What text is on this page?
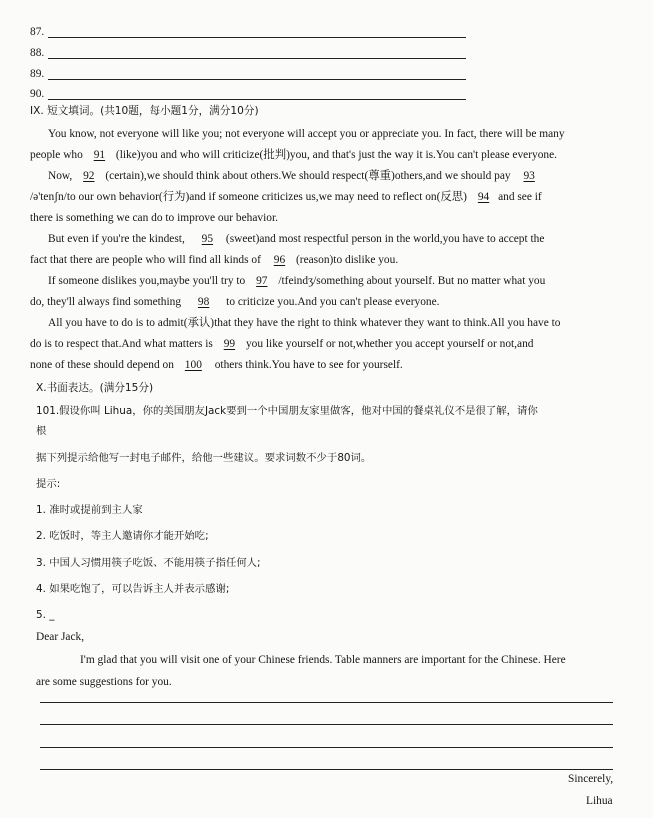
87.
88.
89.
90.
IX. 短文填词。(共10题，每小题1分，满分10分)
You know, not everyone will like you; not everyone will accept you or appreciate you. In fact, there will be many
people who 91 (like)you and who will criticize(批判)you, and that's just the way it is.You can't please everyone.
Now, 92 (certain),we should think about others.We should respect(尊重)others,and we should pay 93
/ə'tenʃn/to our own behavior(行为)and if someone criticizes us,we may need to reflect on(反思) 94 and see if
there is something we can do to improve our behavior.
But even if you're the kindest, 95 (sweet)and most respectful person in the world,you have to accept the
fact that there are people who will find all kinds of 96 (reason)to dislike you.
If someone dislikes you,maybe you'll try to 97 /tfeindʒ/something about yourself. But no matter what you
do, they'll always find something 98 to criticize you.And you can't please everyone.
All you have to do is to admit(承认)that they have the right to think whatever they want to think.All you have to
do is to respect that.And what matters is 99 you like yourself or not,whether you accept yourself or not,and
none of these should depend on 100 others think.You have to see for yourself.
X.书面表达。(满分15分)
101.假设你叫 Lihua，你的美国朋友Jack要到一个中国朋友家里做客，他对中国的餐桌礼仪不是很了解，请你
根
据下列提示给他写一封电子邮件，给他一些建议。要求词数不少于80词。
提示:
1. 准时或提前到主人家
2. 吃饭时，等主人邀请你才能开始吃;
3. 中国人习惯用筷子吃饭、不能用筷子指任何人;
4. 如果吃饱了，可以告诉主人并表示感谢;
5. _
Dear Jack,
I'm glad that you will visit one of your Chinese friends. Table manners are important for the Chinese. Here
are some suggestions for you.
Sincerely,
Lihua
